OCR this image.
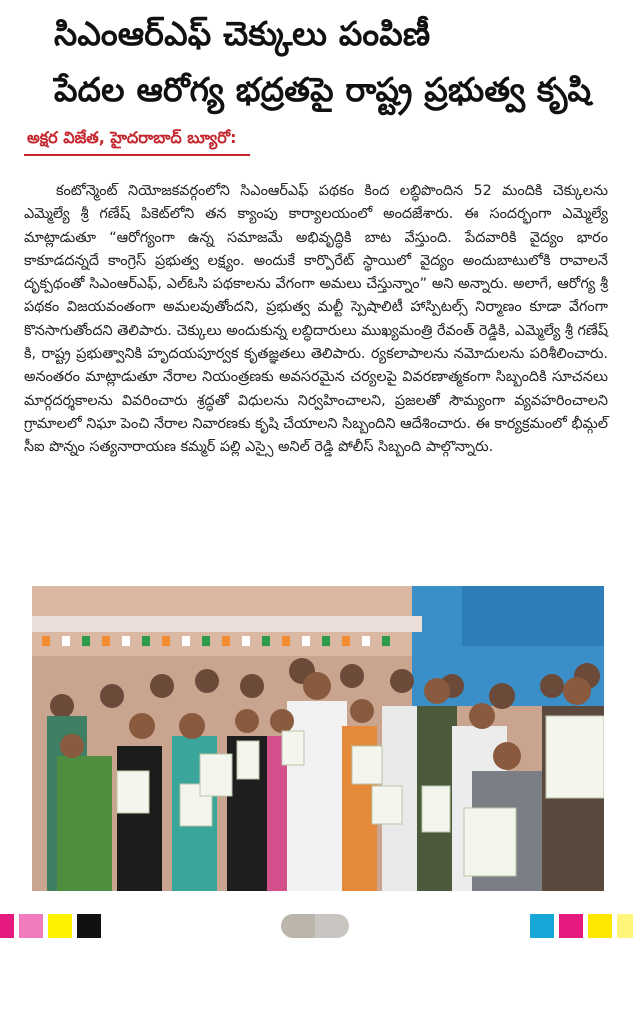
సిఎంఆర్‌ఎఫ్ చెక్కులు పంపిణీ
పేదల ఆరోగ్య భద్రతపై రాష్ట్ర ప్రభుత్వ కృషి
అక్షర విజేత, హైదరాబాద్ బ్యూరో:
కంటోన్మెంట్ నియోజకవర్గంలోని సిఎంఆర్‌ఎఫ్ పథకం కింద లబ్ధిపొందిన 52 మందికి చెక్కులను ఎమ్మెల్యే శ్రీ గణేష్ పికెట్‌లోని తన క్యాంపు కార్యాలయంలో అందజేశారు. ఈ సందర్భంగా ఎమ్మెల్యే మాట్లాడుతూ “ఆరోగ్యంగా ఉన్న సమాజమే అభివృద్ధికి బాట వేస్తుంది. పేదవారికి వైద్యం భారం కాకూడదన్నదే కాంగ్రెస్ ప్రభుత్వ లక్ష్యం. అందుకే కార్పొరేట్ స్థాయిలో వైద్యం అందుబాటులోకి రావాలనే దృక్పథంతో సిఎంఆర్‌ఎఫ్, ఎల్‌ఓసి పథకాలను వేగంగా అమలు చేస్తున్నాం” అని అన్నారు. అలాగే, ఆరోగ్య శ్రీ పథకం విజయవంతంగా అమలవుతోందని, ప్రభుత్వ మల్టీ స్పెషాలిటీ హాస్పిటల్స్ నిర్మాణం కూడా వేగంగా కొనసాగుతోందని తెలిపారు. చెక్కులు అందుకున్న లబ్ధిదారులు ముఖ్యమంత్రి రేవంత్ రెడ్డికి, ఎమ్మెల్యే శ్రీ గణేష్ కి, రాష్ట్ర ప్రభుత్వానికి హృదయపూర్వక కృతజ్ఞతలు తెలిపారు. ర్యకలాపాలను నమోదులను పరిశీలించారు. అనంతరం మాట్లాడుతూ నేరాల నియంత్రణకు అవసరమైన చర్యలపై వివరణాత్మకంగా సిబ్బందికి సూచనలు మార్గదర్శకాలను వివరించారు శ్రద్ధతో విధులను నిర్వహించాలని, ప్రజలతో సౌమ్యంగా వ్యవహరించాలని గ్రామాలలో నిఘా పెంచి నేరాల నివారణకు కృషి చేయాలని సిబ్బందిని ఆదేశించారు. ఈ కార్యక్రమంలో భీమ్గల్ సీఐ పొన్నం సత్యనారాయణ కమ్మర్ పల్లి ఎస్సై అనిల్ రెడ్డి పోలీస్ సిబ్బంది పాల్గొన్నారు.
